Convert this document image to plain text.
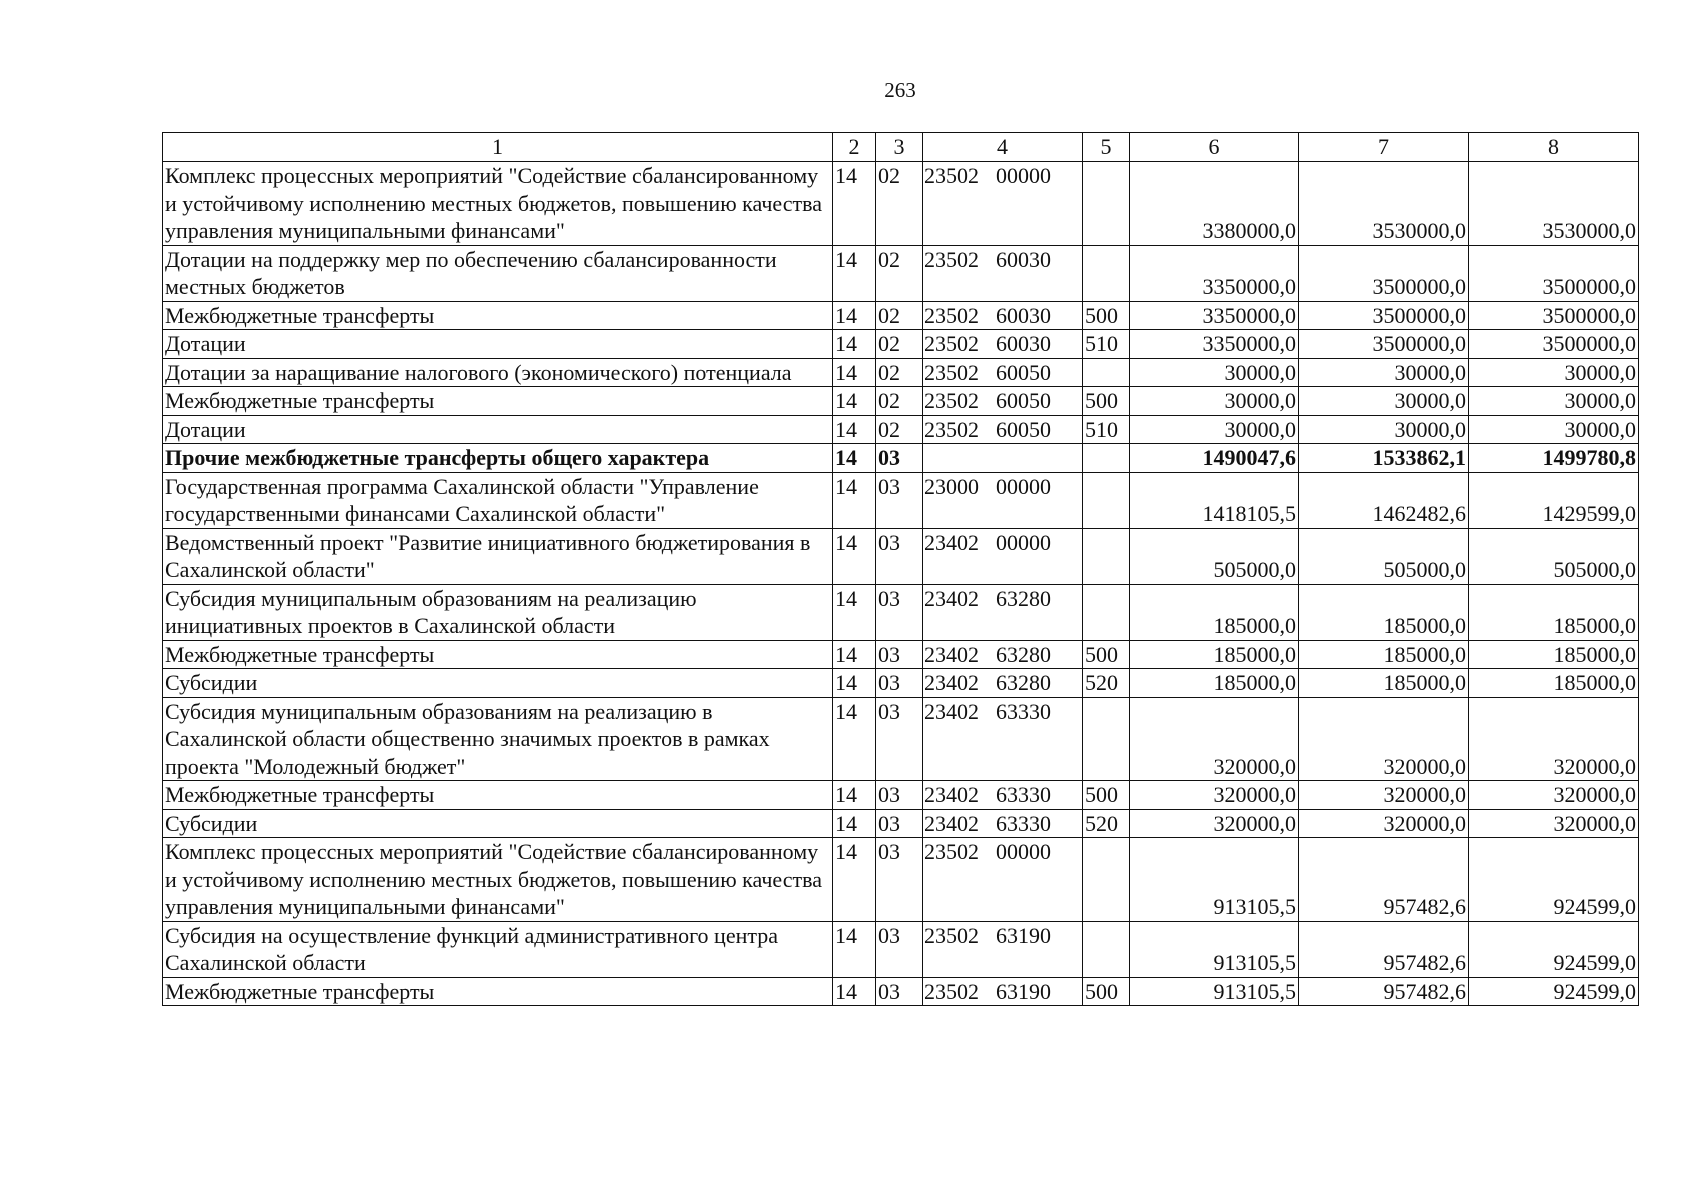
263
1	2	3	4	5	6	7	8
Комплекс процессных мероприятий "Содействие сбалансированному и устойчивому исполнению местных бюджетов, повышению качества управления муниципальными финансами"	14	02	23502 00000		3380000,0	3530000,0	3530000,0
Дотации на поддержку мер по обеспечению сбалансированности местных бюджетов	14	02	23502 60030		3350000,0	3500000,0	3500000,0
Межбюджетные трансферты	14	02	23502 60030	500	3350000,0	3500000,0	3500000,0
Дотации	14	02	23502 60030	510	3350000,0	3500000,0	3500000,0
Дотации за наращивание налогового (экономического) потенциала	14	02	23502 60050		30000,0	30000,0	30000,0
Межбюджетные трансферты	14	02	23502 60050	500	30000,0	30000,0	30000,0
Дотации	14	02	23502 60050	510	30000,0	30000,0	30000,0
Прочие межбюджетные трансферты общего характера	14	03			1490047,6	1533862,1	1499780,8
Государственная программа Сахалинской области "Управление государственными финансами Сахалинской области"	14	03	23000 00000		1418105,5	1462482,6	1429599,0
Ведомственный проект "Развитие инициативного бюджетирования в Сахалинской области"	14	03	23402 00000		505000,0	505000,0	505000,0
Субсидия муниципальным образованиям на реализацию инициативных проектов в Сахалинской области	14	03	23402 63280		185000,0	185000,0	185000,0
Межбюджетные трансферты	14	03	23402 63280	500	185000,0	185000,0	185000,0
Субсидии	14	03	23402 63280	520	185000,0	185000,0	185000,0
Субсидия муниципальным образованиям на реализацию в Сахалинской области общественно значимых проектов в рамках проекта "Молодежный бюджет"	14	03	23402 63330		320000,0	320000,0	320000,0
Межбюджетные трансферты	14	03	23402 63330	500	320000,0	320000,0	320000,0
Субсидии	14	03	23402 63330	520	320000,0	320000,0	320000,0
Комплекс процессных мероприятий "Содействие сбалансированному и устойчивому исполнению местных бюджетов, повышению качества управления муниципальными финансами"	14	03	23502 00000		913105,5	957482,6	924599,0
Субсидия на осуществление функций административного центра Сахалинской области	14	03	23502 63190		913105,5	957482,6	924599,0
Межбюджетные трансферты	14	03	23502 63190	500	913105,5	957482,6	924599,0
